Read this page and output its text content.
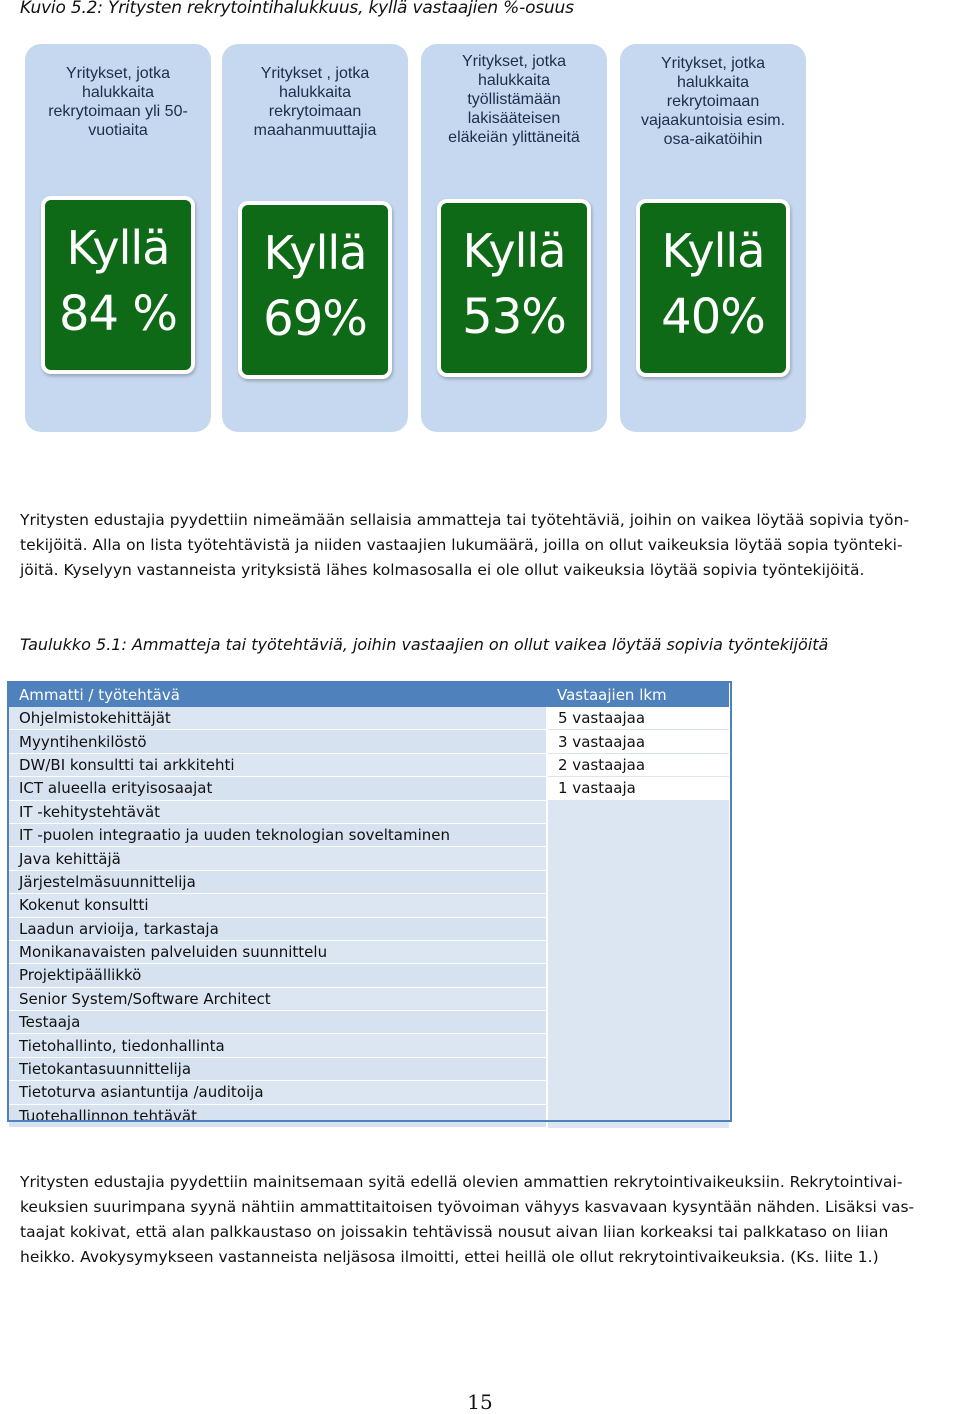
Kuvio 5.2: Yritysten rekrytointihalukkuus, kyllä vastaajien %-osuus
Yritykset, jotka
halukkaita
rekrytoimaan yli 50-
vuotiaita
Kyllä
84 %
Yritykset , jotka
halukkaita
rekrytoimaan
maahanmuuttajia
Kyllä
69%
Yritykset, jotka
halukkaita
työllistämään
lakisääteisen
eläkeiän ylittäneitä
Kyllä
53%
Yritykset, jotka
halukkaita
rekrytoimaan
vajaakuntoisia esim.
osa-aikatöihin
Kyllä
40%
Yritysten edustajia pyydettiin nimeämään sellaisia ammatteja tai työtehtäviä, joihin on vaikea löytää sopivia työn-
tekijöitä. Alla on lista työtehtävistä ja niiden vastaajien lukumäärä, joilla on ollut vaikeuksia löytää sopia työnteki-
jöitä. Kyselyyn vastanneista yrityksistä lähes kolmasosalla ei ole ollut vaikeuksia löytää sopivia työntekijöitä.
Taulukko 5.1: Ammatteja tai työtehtäviä, joihin vastaajien on ollut vaikea löytää sopivia työntekijöitä
Ammatti / työtehtävä	Vastaajien lkm
Ohjelmistokehittäjät	5 vastaajaa
Myyntihenkilöstö	3 vastaajaa
DW/BI konsultti tai arkkitehti	2 vastaajaa
ICT alueella erityisosaajat	1 vastaaja
IT -kehitystehtävät	
IT -puolen integraatio ja uuden teknologian soveltaminen	
Java kehittäjä	
Järjestelmäsuunnittelija	
Kokenut konsultti	
Laadun arvioija, tarkastaja	
Monikanavaisten palveluiden suunnittelu	
Projektipäällikkö	
Senior System/Software Architect	
Testaaja	
Tietohallinto, tiedonhallinta	
Tietokantasuunnittelija	
Tietoturva asiantuntija /auditoija	
Tuotehallinnon tehtävät	
Yritysten edustajia pyydettiin mainitsemaan syitä edellä olevien ammattien rekrytointivaikeuksiin. Rekrytointivai-
keuksien suurimpana syynä nähtiin ammattitaitoisen työvoiman vähyys kasvavaan kysyntään nähden. Lisäksi vas-
taajat kokivat, että alan palkkaustaso on joissakin tehtävissä nousut aivan liian korkeaksi tai palkkataso on liian
heikko. Avokysymykseen vastanneista neljäsosa ilmoitti, ettei heillä ole ollut rekrytointivaikeuksia. (Ks. liite 1.)
15
